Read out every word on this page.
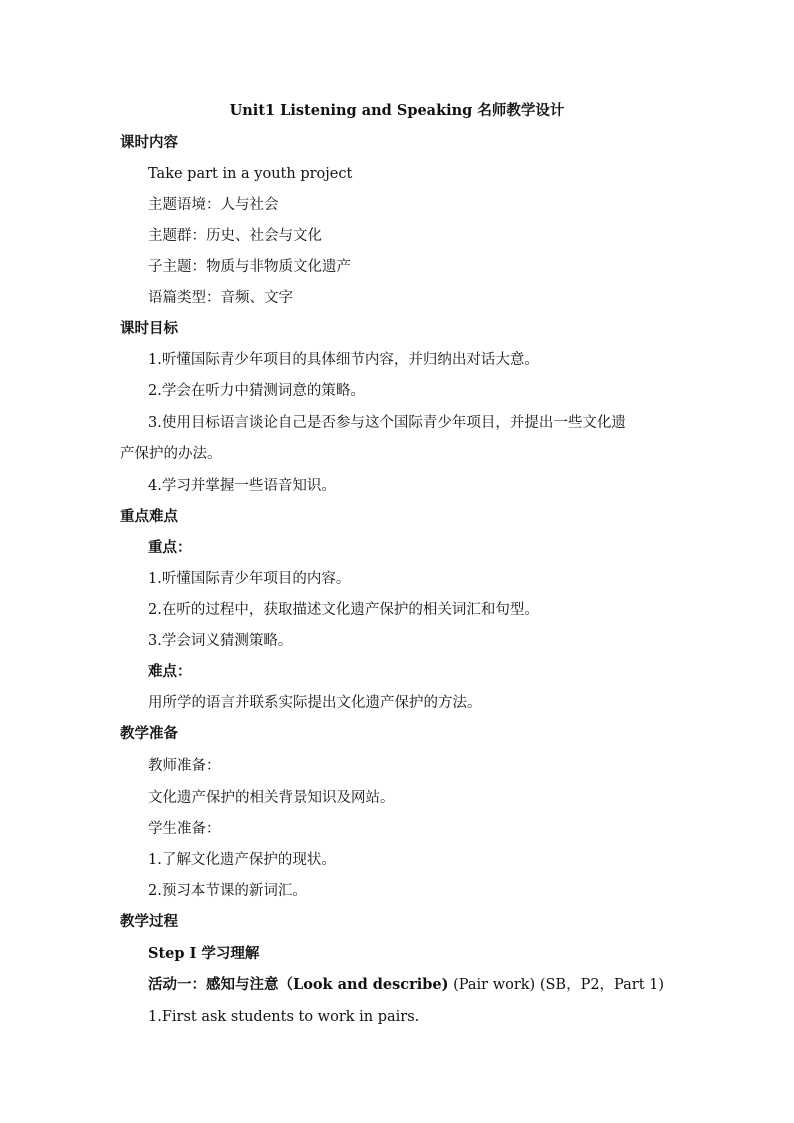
Unit1 Listening and Speaking 名师教学设计
课时内容
Take part in a youth project
主题语境：人与社会
主题群：历史、社会与文化
子主题：物质与非物质文化遗产
语篇类型：音频、文字
课时目标
1.听懂国际青少年项目的具体细节内容，并归纳出对话大意。
2.学会在听力中猜测词意的策略。
3.使用目标语言谈论自己是否参与这个国际青少年项目，并提出一些文化遗
产保护的办法。
4.学习并掌握一些语音知识。
重点难点
重点：
1.听懂国际青少年项目的内容。
2.在听的过程中，获取描述文化遗产保护的相关词汇和句型。
3.学会词义猜测策略。
难点：
用所学的语言并联系实际提出文化遗产保护的方法。
教学准备
教师准备：
文化遗产保护的相关背景知识及网站。
学生准备：
1.了解文化遗产保护的现状。
2.预习本节课的新词汇。
教学过程
Step I 学习理解
活动一：感知与注意（Look and describe) (Pair work) (SB，P2，Part 1)
1.First ask students to work in pairs.
